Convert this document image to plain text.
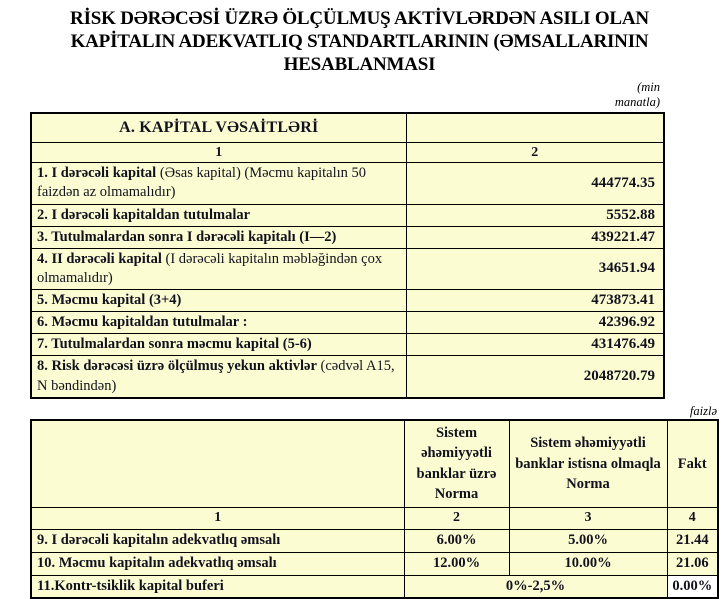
RİSK DƏRƏCƏSİ ÜZRƏ ÖLÇÜLMUŞ AKTİVLƏRDƏN ASILI OLAN
KAPİTALIN ADEKVATLIQ STANDARTLARININ (ƏMSALLARININ
HESABLANMASI
(min
manatla)
A. KAPİTAL VƏSAİTLƏRİ	
1	2
1. I dərəcəli kapital (Əsas kapital) (Məcmu kapitalın 50 faizdən az olmamalıdır)	444774.35
2. I dərəcəli kapitaldan tutulmalar	5552.88
3. Tutulmalardan sonra I dərəcəli kapitalı (I—2)	439221.47
4. II dərəcəli kapital (I dərəcəli kapitalın məbləğindən çox olmamalıdır)	34651.94
5. Məcmu kapital (3+4)	473873.41
6. Məcmu kapitaldan tutulmalar :	42396.92
7. Tutulmalardan sonra məcmu kapital (5-6)	431476.49
8. Risk dərəcəsi üzrə ölçülmuş yekun aktivlər (cədvəl A15, N bəndindən)	2048720.79
faizlə
	Sistem əhəmiyyətli banklar üzrə Norma	Sistem əhəmiyyətli banklar istisna olmaqla Norma	Fakt
1	2	3	4
9. I dərəcəli kapitalın adekvatlıq əmsalı	6.00%	5.00%	21.44
10. Məcmu kapitalın adekvatlıq əmsalı	12.00%	10.00%	21.06
11.Kontr-tsiklik kapital buferi	0%-2,5%		0.00%
